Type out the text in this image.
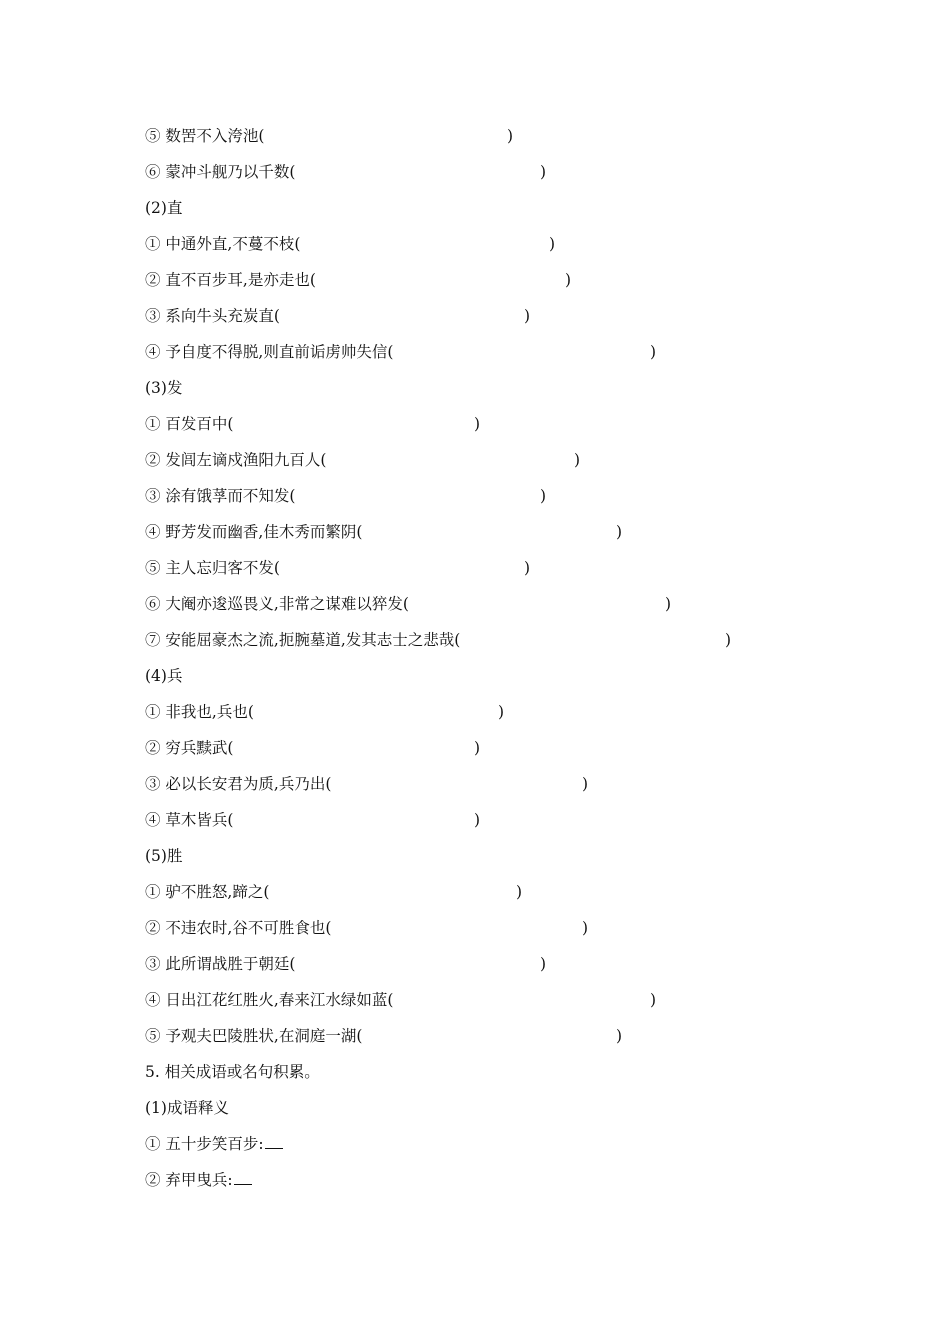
⑤ 数罟不入洿池(	)
⑥ 蒙冲斗舰乃以千数(	)
(2)直
① 中通外直,不蔓不枝(	)
② 直不百步耳,是亦走也(	)
③ 系向牛头充炭直(	)
④ 予自度不得脱,则直前诟虏帅失信(	)
(3)发
① 百发百中(	)
② 发闾左谪戍渔阳九百人(	)
③ 涂有饿莩而不知发(	)
④ 野芳发而幽香,佳木秀而繁阴(	)
⑤ 主人忘归客不发(	)
⑥ 大阉亦逡巡畏义,非常之谋难以猝发(	)
⑦ 安能屈豪杰之流,扼腕墓道,发其志士之悲哉(	)
(4)兵
① 非我也,兵也(	)
② 穷兵黩武(	)
③ 必以长安君为质,兵乃出(	)
④ 草木皆兵(	)
(5)胜
① 驴不胜怒,蹄之(	)
② 不违农时,谷不可胜食也(	)
③ 此所谓战胜于朝廷(	)
④ 日出江花红胜火,春来江水绿如蓝(	)
⑤ 予观夫巴陵胜状,在洞庭一湖(	)
5. 相关成语或名句积累。
(1)成语释义
① 五十步笑百步:
② 弃甲曳兵:
